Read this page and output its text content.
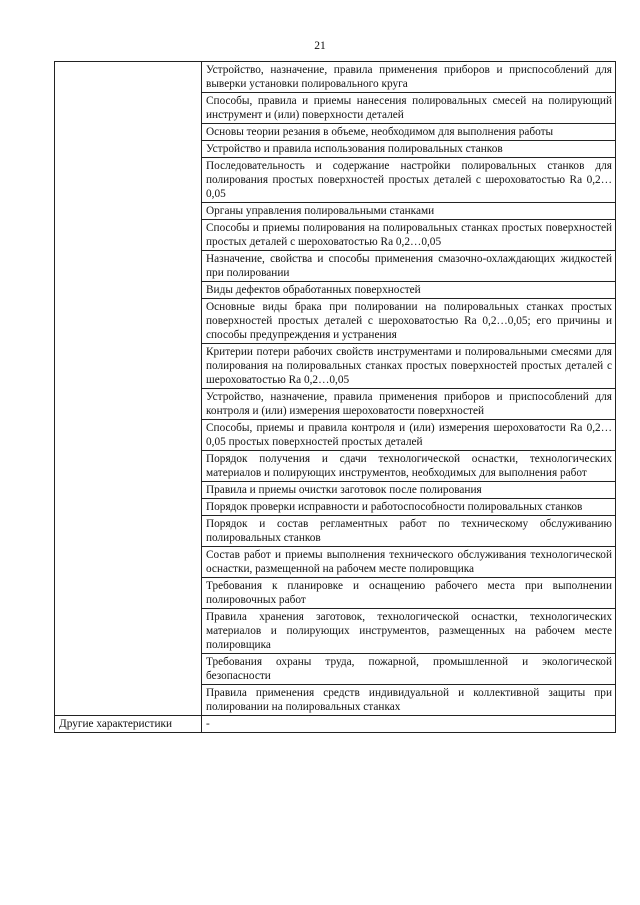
21
	Устройство, назначение, правила применения приборов и приспособлений для выверки установки полировального круга
	Способы, правила и приемы нанесения полировальных смесей на полирующий инструмент и (или) поверхности деталей
	Основы теории резания в объеме, необходимом для выполнения работы
	Устройство и правила использования полировальных станков
	Последовательность и содержание настройки полировальных станков для полирования простых поверхностей простых деталей с шероховатостью Ra 0,2…0,05
	Органы управления полировальными станками
	Способы и приемы полирования на полировальных станках простых поверхностей простых деталей с шероховатостью Ra 0,2…0,05
	Назначение, свойства и способы применения смазочно-охлаждающих жидкостей при полировании
	Виды дефектов обработанных поверхностей
	Основные виды брака при полировании на полировальных станках простых поверхностей простых деталей с шероховатостью Ra 0,2…0,05; его причины и способы предупреждения и устранения
	Критерии потери рабочих свойств инструментами и полировальными смесями для полирования на полировальных станках простых поверхностей простых деталей с шероховатостью Ra 0,2…0,05
	Устройство, назначение, правила применения приборов и приспособлений для контроля и (или) измерения шероховатости поверхностей
	Способы, приемы и правила контроля и (или) измерения шероховатости Ra 0,2…0,05 простых поверхностей простых деталей
	Порядок получения и сдачи технологической оснастки, технологических материалов и полирующих инструментов, необходимых для выполнения работ
	Правила и приемы очистки заготовок после полирования
	Порядок проверки исправности и работоспособности полировальных станков
	Порядок и состав регламентных работ по техническому обслуживанию полировальных станков
	Состав работ и приемы выполнения технического обслуживания технологической оснастки, размещенной на рабочем месте полировщика
	Требования к планировке и оснащению рабочего места при выполнении полировочных работ
	Правила хранения заготовок, технологической оснастки, технологических материалов и полирующих инструментов, размещенных на рабочем месте полировщика
	Требования охраны труда, пожарной, промышленной и экологической безопасности
	Правила применения средств индивидуальной и коллективной защиты при полировании на полировальных станках
Другие характеристики	-
